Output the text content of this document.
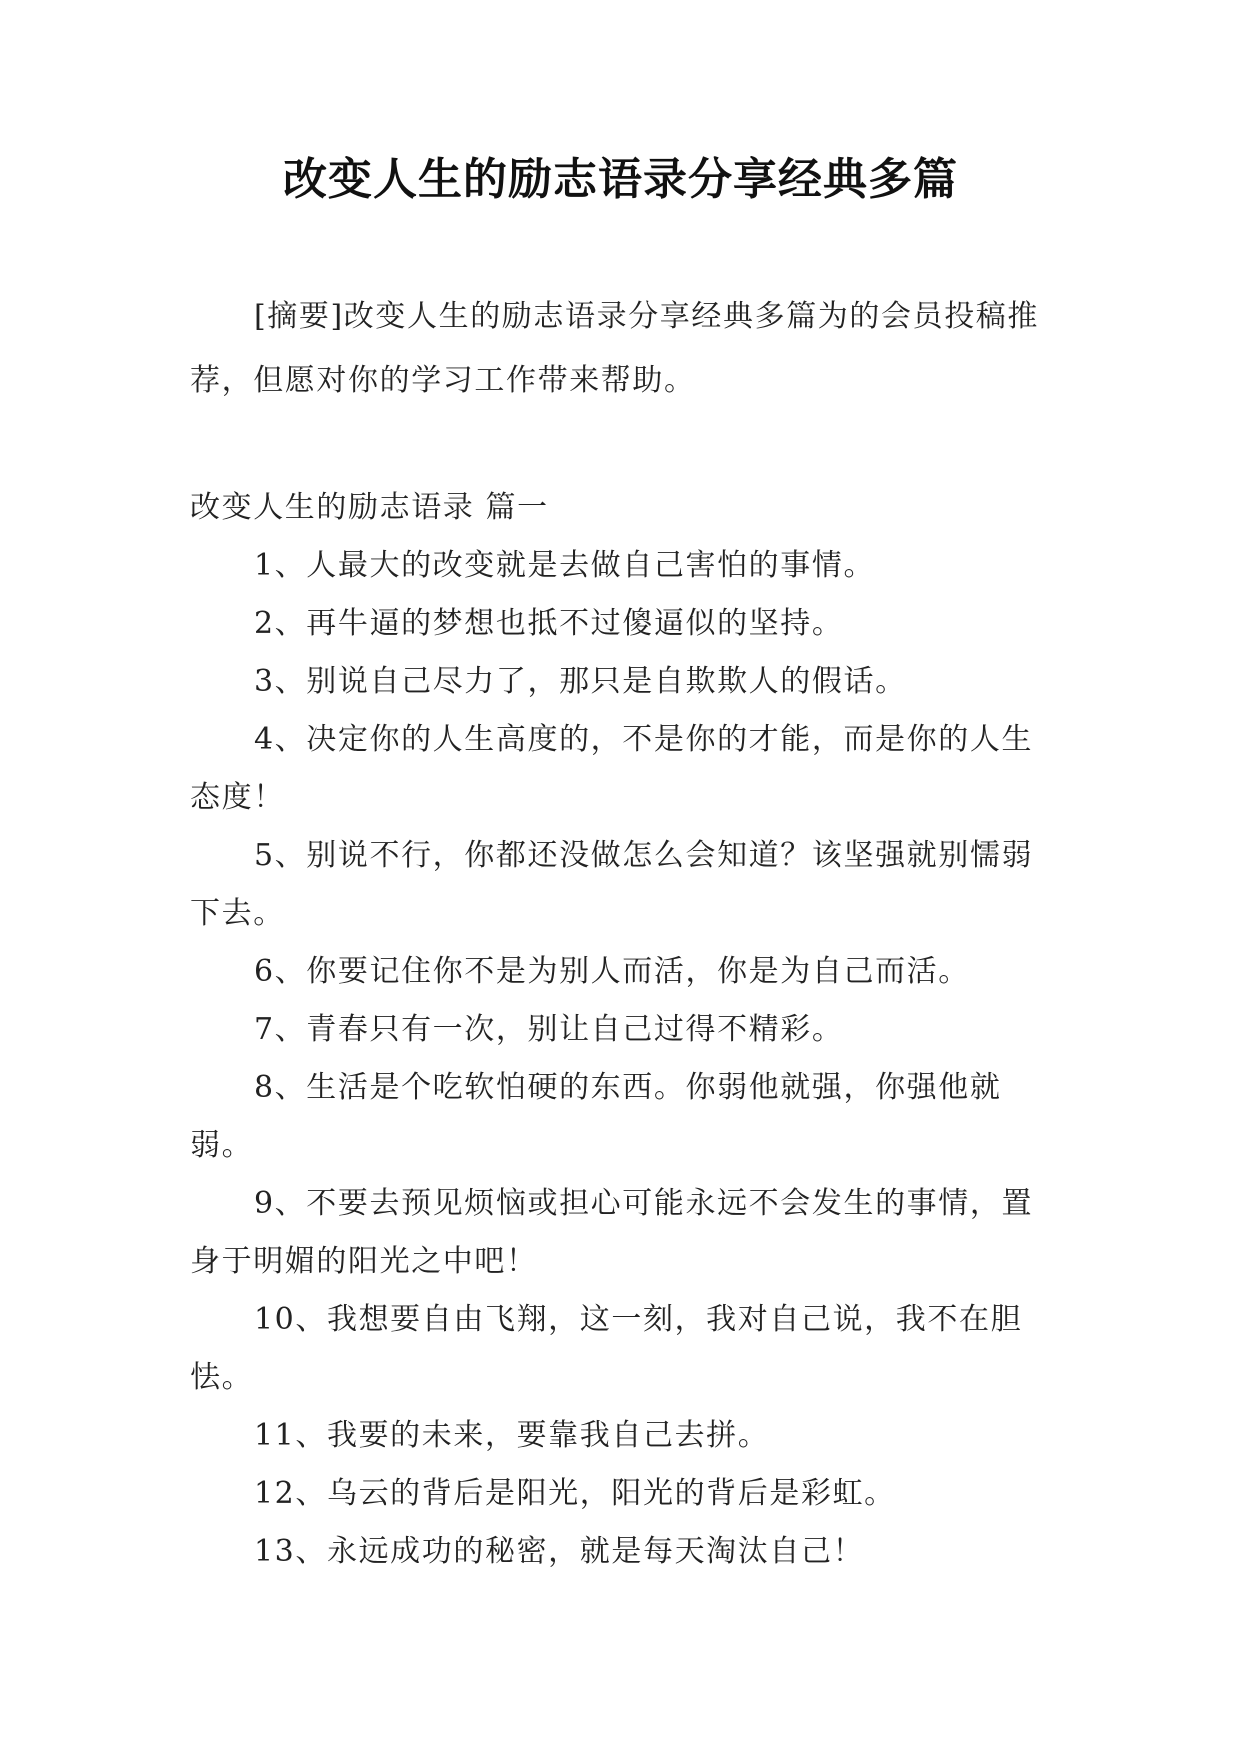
改变人生的励志语录分享经典多篇

[摘要]改变人生的励志语录分享经典多篇为的会员投稿推荐，但愿对你的学习工作带来帮助。

改变人生的励志语录 篇一

1、人最大的改变就是去做自己害怕的事情。

2、再牛逼的梦想也抵不过傻逼似的坚持。

3、别说自己尽力了，那只是自欺欺人的假话。

4、决定你的人生高度的，不是你的才能，而是你的人生态度！

5、别说不行，你都还没做怎么会知道？该坚强就别懦弱下去。

6、你要记住你不是为别人而活，你是为自己而活。

7、青春只有一次，别让自己过得不精彩。

8、生活是个吃软怕硬的东西。你弱他就强，你强他就弱。

9、不要去预见烦恼或担心可能永远不会发生的事情，置身于明媚的阳光之中吧！

10、我想要自由飞翔，这一刻，我对自己说，我不在胆怯。

11、我要的未来，要靠我自己去拼。

12、乌云的背后是阳光，阳光的背后是彩虹。

13、永远成功的秘密，就是每天淘汰自己！
